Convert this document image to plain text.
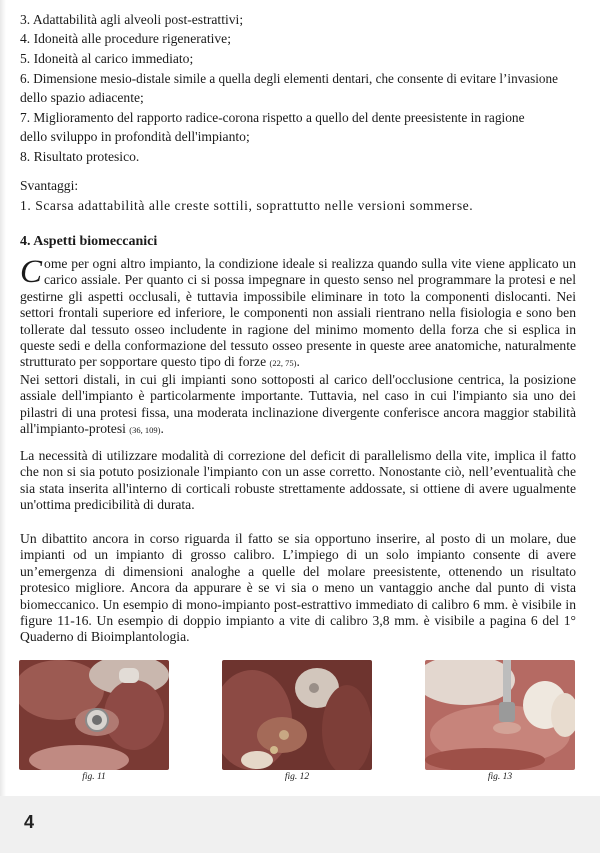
3. Adattabilità agli alveoli post-estrattivi;
4. Idoneità alle procedure rigenerative;
5. Idoneità al carico immediato;
6. Dimensione mesio-distale simile a quella degli elementi dentari, che consente di evitare l’invasione
dello spazio adiacente;
7. Miglioramento del rapporto radice-corona rispetto a quello del dente preesistente in ragione
dello sviluppo in profondità dell'impianto;
8. Risultato protesico.
Svantaggi:
1. Scarsa adattabilità alle creste sottili, soprattutto nelle versioni sommerse.
4. Aspetti biomeccanici
Come per ogni altro impianto, la condizione ideale si realizza quando sulla vite viene applicato un carico assiale. Per quanto ci si possa impegnare in questo senso nel programmare la protesi e nel gestirne gli aspetti occlusali, è tuttavia impossibile eliminare in toto la componenti dislocanti. Nei settori frontali superiore ed inferiore, le componenti non assiali rientrano nella fisiologia e sono ben tollerate dal tessuto osseo includente in ragione del minimo momento della forza che si esplica in queste sedi e della conformazione del tessuto osseo presente in queste aree anatomiche, naturalmente strutturato per sopportare questo tipo di forze (22, 75).
Nei settori distali, in cui gli impianti sono sottoposti al carico dell'occlusione centrica, la posizione assiale dell'impianto è particolarmente importante. Tuttavia, nel caso in cui l'impianto sia uno dei pilastri di una protesi fissa, una moderata inclinazione divergente conferisce ancora maggior stabilità all'impianto-protesi (36, 109).
La necessità di utilizzare modalità di correzione del deficit di parallelismo della vite, implica il fatto che non si sia potuto posizionale l'impianto con un asse corretto. Nonostante ciò, nell’eventualità che sia stata inserita all'interno di corticali robuste strettamente addossate, si ottiene di avere ugualmente un'ottima predicibilità di durata.
Un dibattito ancora in corso riguarda il fatto se sia opportuno inserire, al posto di un molare, due impianti od un impianto di grosso calibro. L’impiego di un solo impianto consente di avere un’emergenza di dimensioni analoghe a quelle del molare preesistente, ottenendo un risultato protesico migliore. Ancora da appurare è se vi sia o meno un vantaggio anche dal punto di vista biomeccanico. Un esempio di mono-impianto post-estrattivo immediato di calibro 6 mm. è visibile in figure 11-16. Un esempio di doppio impianto a vite di calibro 3,8 mm. è visibile a pagina 6 del 1° Quaderno di Bioimplantologia.
fig. 11	fig. 12	fig. 13
4
